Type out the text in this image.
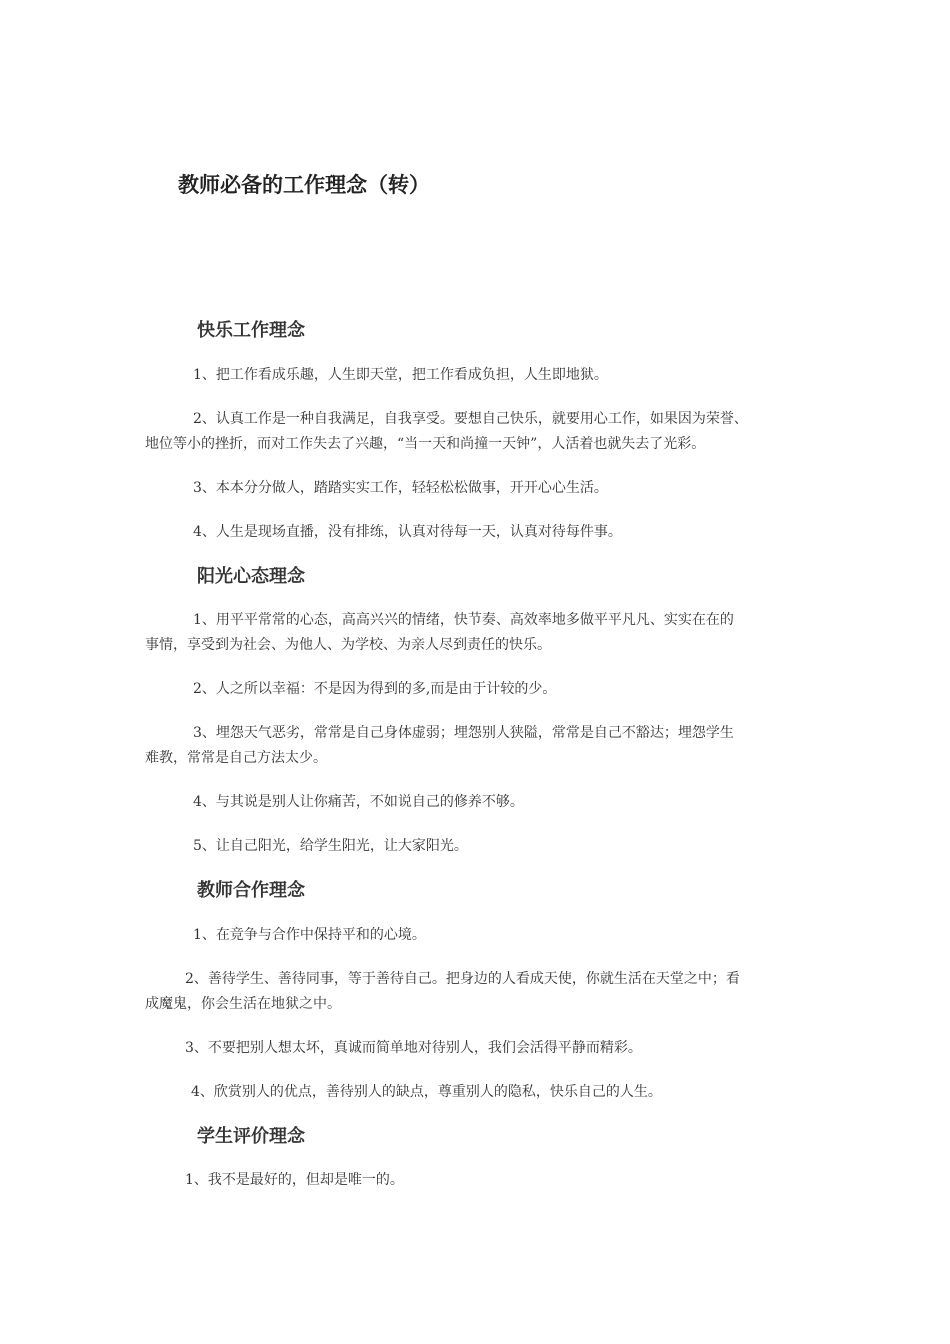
教师必备的工作理念（转）
快乐工作理念

1、把工作看成乐趣，人生即天堂，把工作看成负担，人生即地狱。

2、认真工作是一种自我满足，自我享受。要想自己快乐，就要用心工作，如果因为荣誉、
地位等小的挫折，而对工作失去了兴趣，“当一天和尚撞一天钟”，人活着也就失去了光彩。

3、本本分分做人，踏踏实实工作，轻轻松松做事，开开心心生活。

4、人生是现场直播，没有排练，认真对待每一天，认真对待每件事。

阳光心态理念

1、用平平常常的心态，高高兴兴的情绪，快节奏、高效率地多做平平凡凡、实实在在的
事情，享受到为社会、为他人、为学校、为亲人尽到责任的快乐。

2、人之所以幸福：不是因为得到的多,而是由于计较的少。

3、埋怨天气恶劣，常常是自己身体虚弱；埋怨别人狭隘，常常是自己不豁达；埋怨学生
难教，常常是自己方法太少。

4、与其说是别人让你痛苦，不如说自己的修养不够。

5、让自己阳光，给学生阳光，让大家阳光。

教师合作理念

1、在竞争与合作中保持平和的心境。

2、善待学生、善待同事，等于善待自己。把身边的人看成天使，你就生活在天堂之中；看
成魔鬼，你会生活在地狱之中。

3、不要把别人想太坏，真诚而简单地对待别人，我们会活得平静而精彩。

4、欣赏别人的优点，善待别人的缺点，尊重别人的隐私，快乐自己的人生。

学生评价理念

1、我不是最好的，但却是唯一的。
